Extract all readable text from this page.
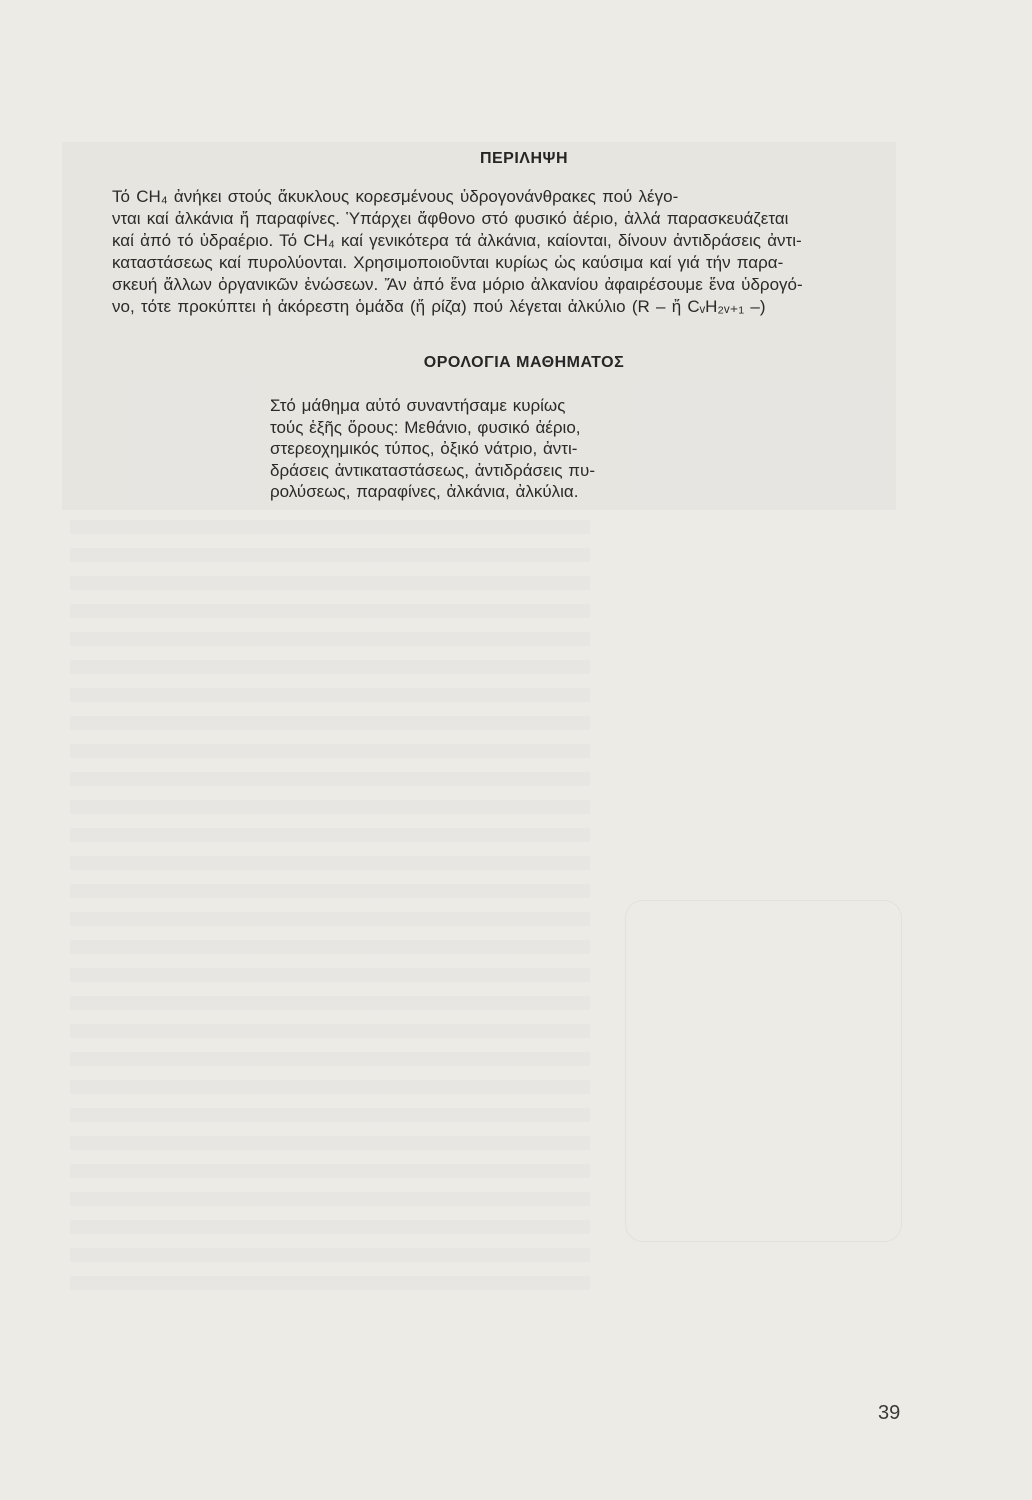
ΠΕΡΙΛΗΨΗ
Τό CH₄ ἀνήκει στούς ἄκυκλους κορεσμένους ὑδρογονάνθρακες πού λέγο-
νται καί ἀλκάνια ἤ παραφίνες. Ὑπάρχει ἄφθονο στό φυσικό ἀέριο, ἀλλά παρασκευάζεται
καί ἀπό τό ὑδραέριο. Τό CH₄ καί γενικότερα τά ἀλκάνια, καίονται, δίνουν ἀντιδράσεις ἀντι-
καταστάσεως καί πυρολύονται. Χρησιμοποιοῦνται κυρίως ὡς καύσιμα καί γιά τήν παρα-
σκευή ἄλλων ὀργανικῶν ἑνώσεων. Ἄν ἀπό ἕνα μόριο ἀλκανίου ἀφαιρέσουμε ἕνα ὑδρογό-
νο, τότε προκύπτει ἡ ἀκόρεστη ὁμάδα (ἤ ρίζα) πού λέγεται ἀλκύλιο (R – ἤ CᵥH₂ᵥ₊₁ –)
ΟΡΟΛΟΓΙΑ ΜΑΘΗΜΑΤΟΣ
Στό μάθημα αὐτό συναντήσαμε κυρίως
τούς ἑξῆς ὅρους: Μεθάνιο, φυσικό ἀέριο,
στερεοχημικός τύπος, ὀξικό νάτριο, ἀντι-
δράσεις ἀντικαταστάσεως, ἀντιδράσεις πυ-
ρολύσεως, παραφίνες, ἀλκάνια, ἀλκύλια.
39
